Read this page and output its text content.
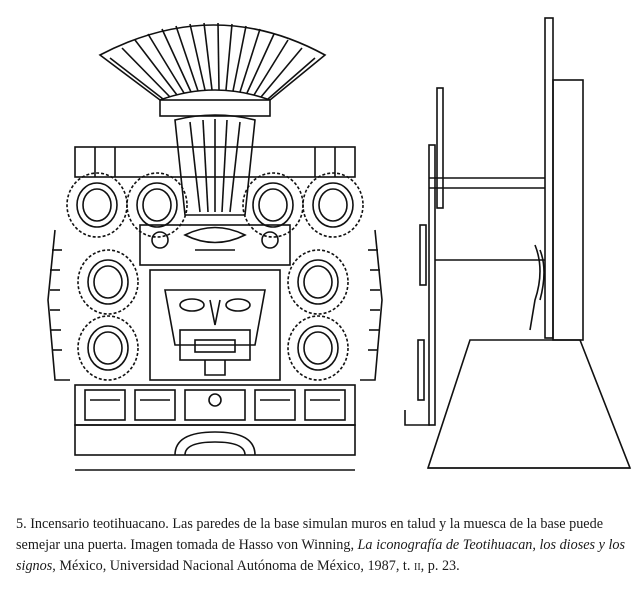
5. Incensario teotihuacano. Las paredes de la base simulan muros en talud y la muesca de la base puede semejar una puerta. Imagen tomada de Hasso von Winning, La iconografía de Teotihuacan, los dioses y los signos, México, Universidad Nacional Autónoma de México, 1987, t. ii, p. 23.
